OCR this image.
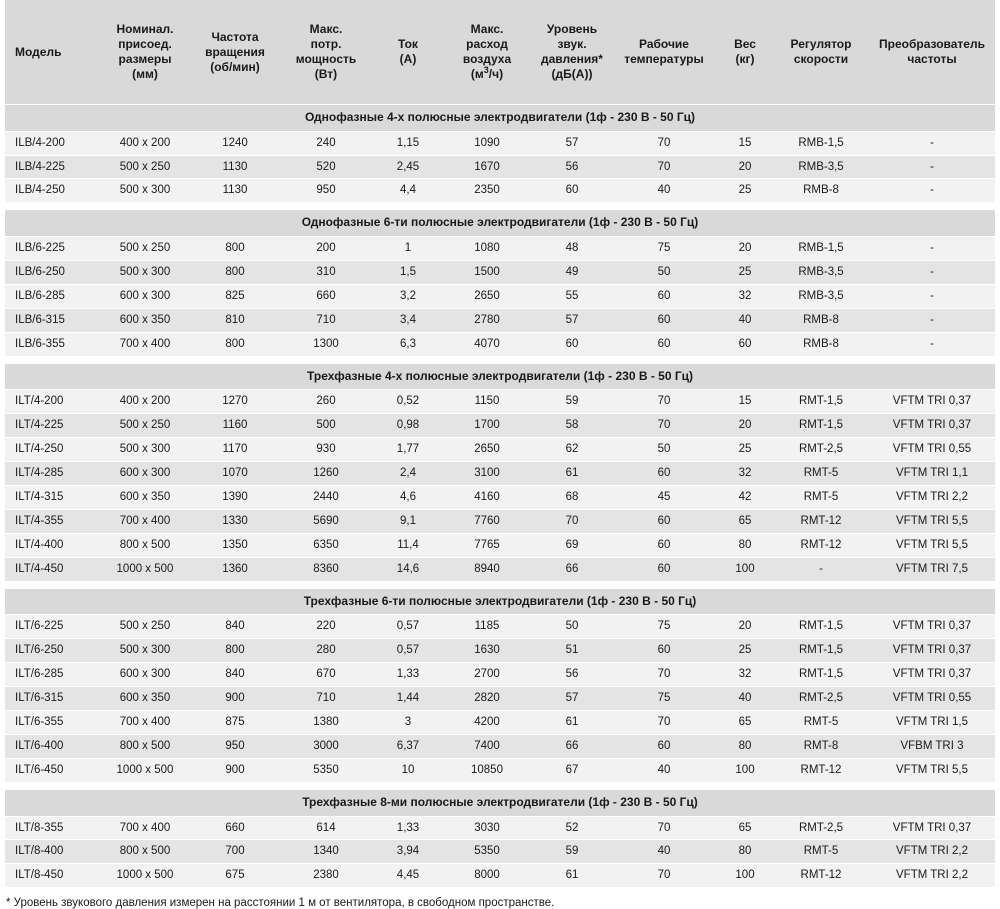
Модель	Номинал.
присоед.
размеры
(мм)	Частота
вращения
(об/мин)	Макс.
потр.
мощность
(Вт)	Ток
(А)	Макс.
расход
воздуха
$(м^3/ч)$	Уровень
звук.
давления*
(дБ(А))	Рабочие
температуры	Вес
(кг)	Регулятор
скорости	Преобразователь
частоты
Однофазные 4-х полюсные электродвигатели (1ф - 230 В - 50 Гц)										
ILB/4-200	400 x 200	1240	240	1,15	1090	57	70	15	RMB-1,5	-
ILB/4-225	500 x 250	1130	520	2,45	1670	56	70	20	RMB-3,5	-
ILB/4-250	500 x 300	1130	950	4,4	2350	60	40	25	RMB-8	-

Однофазные 6-ти полюсные электродвигатели (1ф - 230 В - 50 Гц)										
ILB/6-225	500 x 250	800	200	1	1080	48	75	20	RMB-1,5	-
ILB/6-250	500 x 300	800	310	1,5	1500	49	50	25	RMB-3,5	-
ILB/6-285	600 x 300	825	660	3,2	2650	55	60	32	RMB-3,5	-
ILB/6-315	600 x 350	810	710	3,4	2780	57	60	40	RMB-8	-
ILB/6-355	700 x 400	800	1300	6,3	4070	60	60	60	RMB-8	-

Трехфазные 4-х полюсные электродвигатели (1ф - 230 В - 50 Гц)										
ILT/4-200	400 x 200	1270	260	0,52	1150	59	70	15	RMT-1,5	VFTM TRI 0,37
ILT/4-225	500 x 250	1160	500	0,98	1700	58	70	20	RMT-1,5	VFTM TRI 0,37
ILT/4-250	500 x 300	1170	930	1,77	2650	62	50	25	RMT-2,5	VFTM TRI 0,55
ILT/4-285	600 x 300	1070	1260	2,4	3100	61	60	32	RMT-5	VFTM TRI 1,1
ILT/4-315	600 x 350	1390	2440	4,6	4160	68	45	42	RMT-5	VFTM TRI 2,2
ILT/4-355	700 x 400	1330	5690	9,1	7760	70	60	65	RMT-12	VFTM TRI 5,5
ILT/4-400	800 x 500	1350	6350	11,4	7765	69	60	80	RMT-12	VFTM TRI 5,5
ILT/4-450	1000 x 500	1360	8360	14,6	8940	66	60	100	-	VFTM TRI 7,5

Трехфазные 6-ти полюсные электродвигатели (1ф - 230 В - 50 Гц)										
ILT/6-225	500 x 250	840	220	0,57	1185	50	75	20	RMT-1,5	VFTM TRI 0,37
ILT/6-250	500 x 300	800	280	0,57	1630	51	60	25	RMT-1,5	VFTM TRI 0,37
ILT/6-285	600 x 300	840	670	1,33	2700	56	70	32	RMT-1,5	VFTM TRI 0,37
ILT/6-315	600 x 350	900	710	1,44	2820	57	75	40	RMT-2,5	VFTM TRI 0,55
ILT/6-355	700 x 400	875	1380	3	4200	61	70	65	RMT-5	VFTM TRI 1,5
ILT/6-400	800 x 500	950	3000	6,37	7400	66	60	80	RMT-8	VFBM TRI 3
ILT/6-450	1000 x 500	900	5350	10	10850	67	40	100	RMT-12	VFTM TRI 5,5

Трехфазные 8-ми полюсные электродвигатели (1ф - 230 В - 50 Гц)										
ILT/8-355	700 x 400	660	614	1,33	3030	52	70	65	RMT-2,5	VFTM TRI 0,37
ILT/8-400	800 x 500	700	1340	3,94	5350	59	40	80	RMT-5	VFTM TRI 2,2
ILT/8-450	1000 x 500	675	2380	4,45	8000	61	70	100	RMT-12	VFTM TRI 2,2
* Уровень звукового давления измерен на расстоянии 1 м от вентилятора, в свободном пространстве.
